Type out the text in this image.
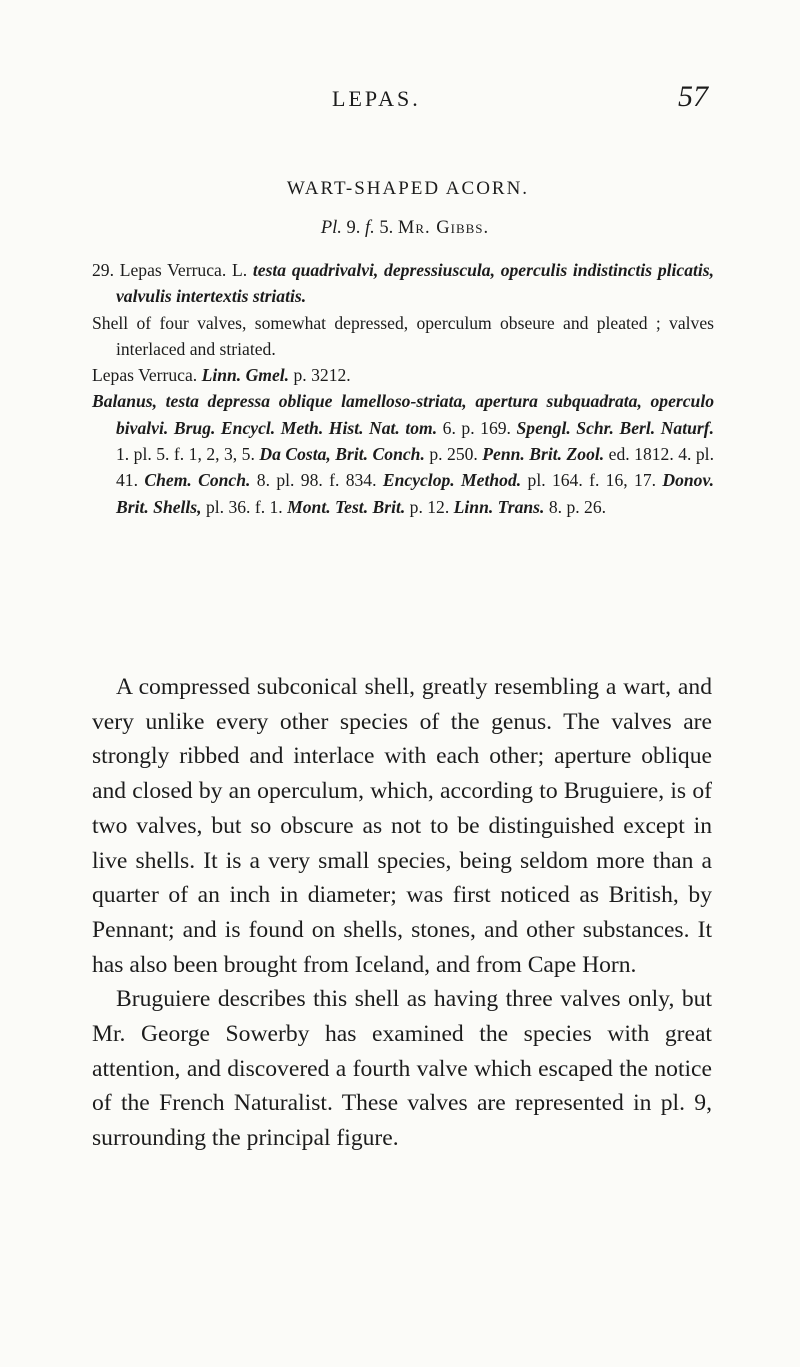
LEPAS.	57
WART-SHAPED ACORN.
Pl. 9. f. 5. Mr. Gibbs.

29. Lepas Verruca. L. testa quadrivalvi, depressiuscula, operculis indistinctis plicatis, valvulis intertextis striatis.

Shell of four valves, somewhat depressed, operculum obseure and pleated ; valves interlaced and striated.

Lepas Verruca. Linn. Gmel. p. 3212.

Balanus, testa depressa oblique lamelloso-striata, apertura subquadrata, operculo bivalvi. Brug. Encycl. Meth. Hist. Nat. tom. 6. p. 169. Spengl. Schr. Berl. Naturf. 1. pl. 5. f. 1, 2, 3, 5. Da Costa, Brit. Conch. p. 250. Penn. Brit. Zool. ed. 1812. 4. pl. 41. Chem. Conch. 8. pl. 98. f. 834. Encyclop. Method. pl. 164. f. 16, 17. Donov. Brit. Shells, pl. 36. f. 1. Mont. Test. Brit. p. 12. Linn. Trans. 8. p. 26.

A compressed subconical shell, greatly resembling a wart, and very unlike every other species of the genus. The valves are strongly ribbed and interlace with each other; aperture oblique and closed by an operculum, which, according to Bruguiere, is of two valves, but so obscure as not to be distinguished except in live shells. It is a very small species, being seldom more than a quarter of an inch in diameter; was first noticed as British, by Pennant; and is found on shells, stones, and other substances. It has also been brought from Iceland, and from Cape Horn.

Bruguiere describes this shell as having three valves only, but Mr. George Sowerby has examined the species with great attention, and discovered a fourth valve which escaped the notice of the French Naturalist. These valves are represented in pl. 9, surrounding the principal figure.
